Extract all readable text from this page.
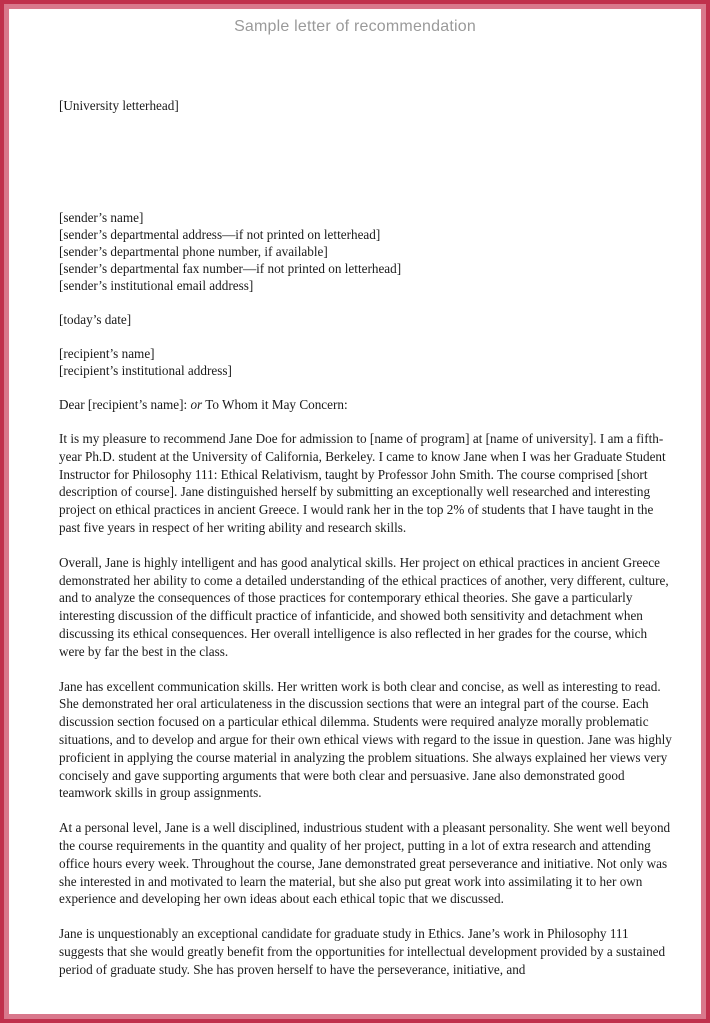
Sample letter of recommendation
[University letterhead]
[sender’s name]
[sender’s departmental address—if not printed on letterhead]
[sender’s departmental phone number, if available]
[sender’s departmental fax number—if not printed on letterhead]
[sender’s institutional email address]
[today’s date]
[recipient’s name]
[recipient’s institutional address]
Dear [recipient’s name]: or To Whom it May Concern:

It is my pleasure to recommend Jane Doe for admission to [name of program] at [name of university]. I am a fifth-year Ph.D. student at the University of California, Berkeley. I came to know Jane when I was her Graduate Student Instructor for Philosophy 111: Ethical Relativism, taught by Professor John Smith. The course comprised [short description of course]. Jane distinguished herself by submitting an exceptionally well researched and interesting project on ethical practices in ancient Greece. I would rank her in the top 2% of students that I have taught in the past five years in respect of her writing ability and research skills.

Overall, Jane is highly intelligent and has good analytical skills. Her project on ethical practices in ancient Greece demonstrated her ability to come a detailed understanding of the ethical practices of another, very different, culture, and to analyze the consequences of those practices for contemporary ethical theories. She gave a particularly interesting discussion of the difficult practice of infanticide, and showed both sensitivity and detachment when discussing its ethical consequences. Her overall intelligence is also reflected in her grades for the course, which were by far the best in the class.

Jane has excellent communication skills. Her written work is both clear and concise, as well as interesting to read. She demonstrated her oral articulateness in the discussion sections that were an integral part of the course. Each discussion section focused on a particular ethical dilemma. Students were required analyze morally problematic situations, and to develop and argue for their own ethical views with regard to the issue in question. Jane was highly proficient in applying the course material in analyzing the problem situations. She always explained her views very concisely and gave supporting arguments that were both clear and persuasive. Jane also demonstrated good teamwork skills in group assignments.

At a personal level, Jane is a well disciplined, industrious student with a pleasant personality. She went well beyond the course requirements in the quantity and quality of her project, putting in a lot of extra research and attending office hours every week. Throughout the course, Jane demonstrated great perseverance and initiative. Not only was she interested in and motivated to learn the material, but she also put great work into assimilating it to her own experience and developing her own ideas about each ethical topic that we discussed.

Jane is unquestionably an exceptional candidate for graduate study in Ethics. Jane’s work in Philosophy 111 suggests that she would greatly benefit from the opportunities for intellectual development provided by a sustained period of graduate study. She has proven herself to have the perseverance, initiative, and
